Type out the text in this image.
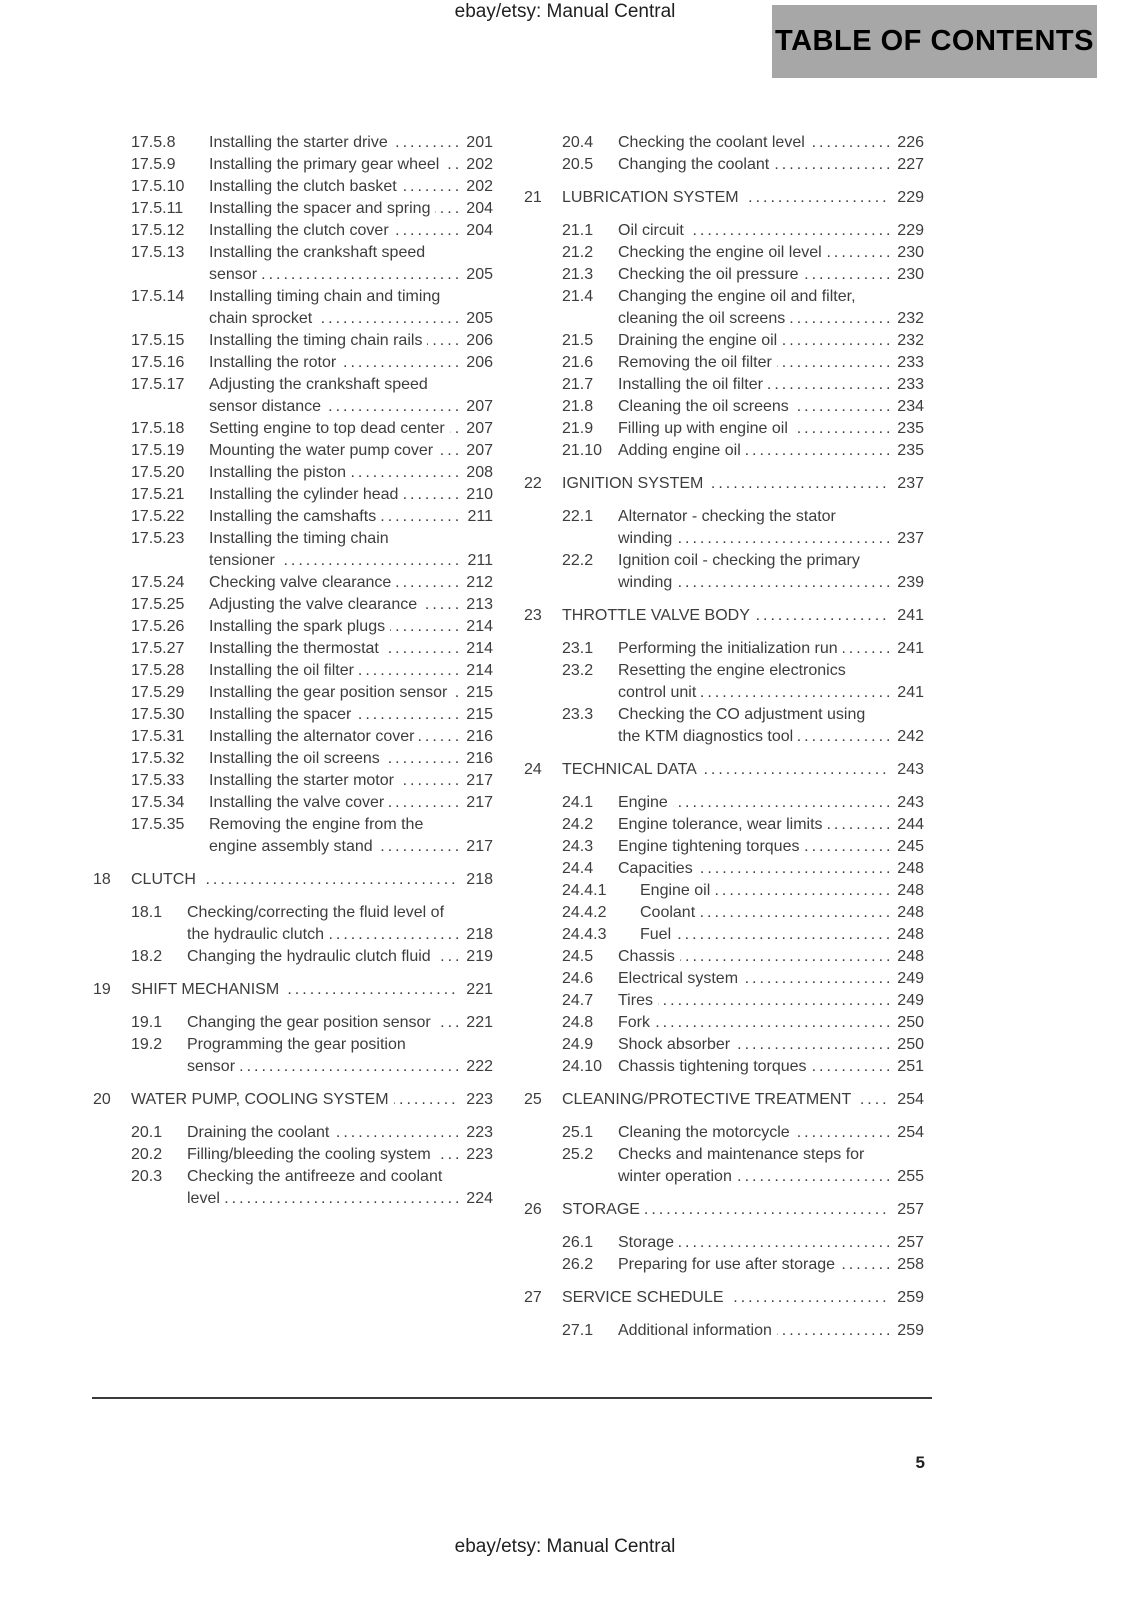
ebay/etsy: Manual Central
TABLE OF CONTENTS
17.5.8	Installing the starter drive .....	201
17.5.9	Installing the primary gear wheel .....	202
17.5.10	Installing the clutch basket .....	202
17.5.11	Installing the spacer and spring .....	204
17.5.12	Installing the clutch cover .....	204
17.5.13	Installing the crankshaft speed sensor .....	205
17.5.14	Installing timing chain and timing chain sprocket .....	205
17.5.15	Installing the timing chain rails .....	206
17.5.16	Installing the rotor .....	206
17.5.17	Adjusting the crankshaft speed sensor distance .....	207
17.5.18	Setting engine to top dead center .....	207
17.5.19	Mounting the water pump cover .....	207
17.5.20	Installing the piston .....	208
17.5.21	Installing the cylinder head .....	210
17.5.22	Installing the camshafts .....	211
17.5.23	Installing the timing chain tensioner .....	211
17.5.24	Checking valve clearance .....	212
17.5.25	Adjusting the valve clearance .....	213
17.5.26	Installing the spark plugs .....	214
17.5.27	Installing the thermostat .....	214
17.5.28	Installing the oil filter .....	214
17.5.29	Installing the gear position sensor .....	215
17.5.30	Installing the spacer .....	215
17.5.31	Installing the alternator cover .....	216
17.5.32	Installing the oil screens .....	216
17.5.33	Installing the starter motor .....	217
17.5.34	Installing the valve cover .....	217
17.5.35	Removing the engine from the engine assembly stand .....	217
18	CLUTCH .....	218
18.1	Checking/correcting the fluid level of the hydraulic clutch .....	218
18.2	Changing the hydraulic clutch fluid .....	219
19	SHIFT MECHANISM .....	221
19.1	Changing the gear position sensor .....	221
19.2	Programming the gear position sensor .....	222
20	WATER PUMP, COOLING SYSTEM .....	223
20.1	Draining the coolant .....	223
20.2	Filling/bleeding the cooling system .....	223
20.3	Checking the antifreeze and coolant level .....	224
20.4	Checking the coolant level .....	226
20.5	Changing the coolant .....	227
21	LUBRICATION SYSTEM .....	229
21.1	Oil circuit .....	229
21.2	Checking the engine oil level .....	230
21.3	Checking the oil pressure .....	230
21.4	Changing the engine oil and filter, cleaning the oil screens .....	232
21.5	Draining the engine oil .....	232
21.6	Removing the oil filter .....	233
21.7	Installing the oil filter .....	233
21.8	Cleaning the oil screens .....	234
21.9	Filling up with engine oil .....	235
21.10 Adding engine oil .....	235
22	IGNITION SYSTEM .....	237
22.1	Alternator - checking the stator winding .....	237
22.2	Ignition coil - checking the primary winding .....	239
23	THROTTLE VALVE BODY .....	241
23.1	Performing the initialization run .....	241
23.2	Resetting the engine electronics control unit .....	241
23.3	Checking the CO adjustment using the KTM diagnostics tool .....	242
24	TECHNICAL DATA .....	243
24.1	Engine .....	243
24.2	Engine tolerance, wear limits .....	244
24.3	Engine tightening torques .....	245
24.4	Capacities .....	248
24.4.1	Engine oil .....	248
24.4.2	Coolant .....	248
24.4.3	Fuel .....	248
24.5	Chassis .....	248
24.6	Electrical system .....	249
24.7	Tires .....	249
24.8	Fork .....	250
24.9	Shock absorber .....	250
24.10 Chassis tightening torques .....	251
25	CLEANING/PROTECTIVE TREATMENT .....	254
25.1	Cleaning the motorcycle .....	254
25.2	Checks and maintenance steps for winter operation .....	255
26	STORAGE .....	257
26.1	Storage .....	257
26.2	Preparing for use after storage .....	258
27	SERVICE SCHEDULE .....	259
27.1	Additional information .....	259
5
ebay/etsy: Manual Central
